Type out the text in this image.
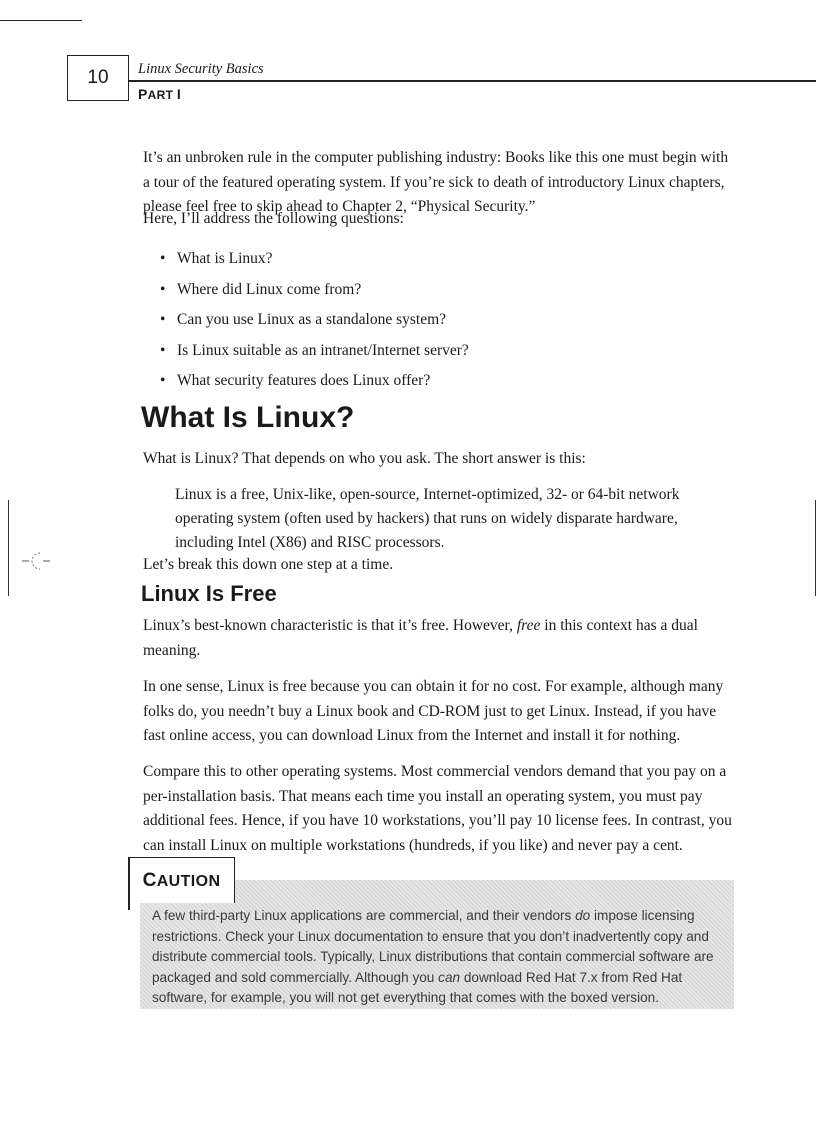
10 Linux Security Basics
PART I

It’s an unbroken rule in the computer publishing industry: Books like this one must begin with a tour of the featured operating system. If you’re sick to death of introductory Linux chapters, please feel free to skip ahead to Chapter 2, “Physical Security.”

Here, I’ll address the following questions:

• What is Linux?
• Where did Linux come from?
• Can you use Linux as a standalone system?
• Is Linux suitable as an intranet/Internet server?
• What security features does Linux offer?
What Is Linux?

What is Linux? That depends on who you ask. The short answer is this:

Linux is a free, Unix-like, open-source, Internet-optimized, 32- or 64-bit network operating system (often used by hackers) that runs on widely disparate hardware, including Intel (X86) and RISC processors.

Let’s break this down one step at a time.

Linux Is Free

Linux’s best-known characteristic is that it’s free. However, free in this context has a dual meaning.

In one sense, Linux is free because you can obtain it for no cost. For example, although many folks do, you needn’t buy a Linux book and CD-ROM just to get Linux. Instead, if you have fast online access, you can download Linux from the Internet and install it for nothing.

Compare this to other operating systems. Most commercial vendors demand that you pay on a per-installation basis. That means each time you install an operating system, you must pay additional fees. Hence, if you have 10 workstations, you’ll pay 10 license fees. In contrast, you can install Linux on multiple workstations (hundreds, if you like) and never pay a cent.

CAUTION

A few third-party Linux applications are commercial, and their vendors do impose licensing restrictions. Check your Linux documentation to ensure that you don’t inadvertently copy and distribute commercial tools. Typically, Linux distributions that contain commercial software are packaged and sold commercially. Although you can download Red Hat 7.x from Red Hat software, for example, you will not get everything that comes with the boxed version.
